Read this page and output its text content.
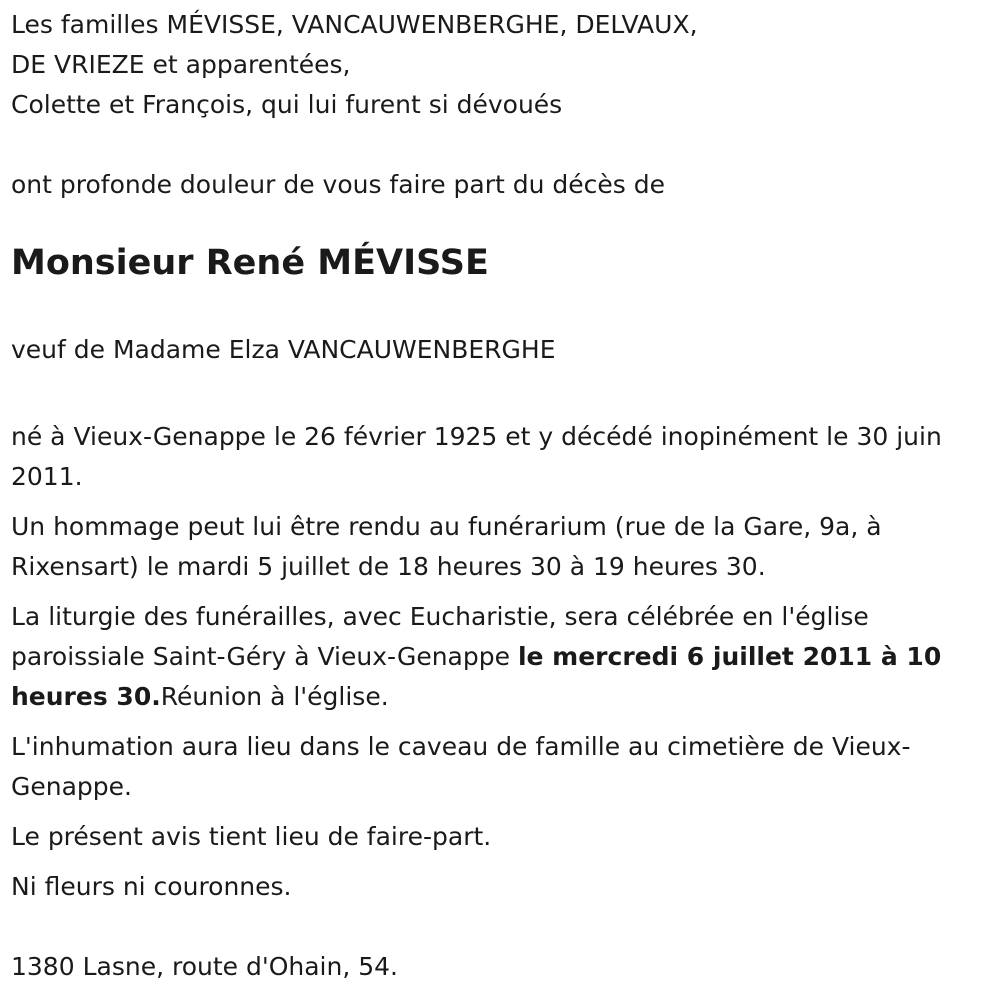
Les familles MÉVISSE, VANCAUWENBERGHE, DELVAUX,

DE VRIEZE et apparentées,

Colette et François, qui lui furent si dévoués

ont profonde douleur de vous faire part du décès de

Monsieur René MÉVISSE

veuf de Madame Elza VANCAUWENBERGHE

né à Vieux-Genappe le 26 février 1925 et y décédé inopinément le 30 juin 2011.

Un hommage peut lui être rendu au funérarium (rue de la Gare, 9a, à Rixensart) le mardi 5 juillet de 18 heures 30 à 19 heures 30.

La liturgie des funérailles, avec Eucharistie, sera célébrée en l'église paroissiale Saint-Géry à Vieux-Genappe le mercredi 6 juillet 2011 à 10 heures 30.Réunion à l'église.

L'inhumation aura lieu dans le caveau de famille au cimetière de Vieux-Genappe.

Le présent avis tient lieu de faire-part.

Ni fleurs ni couronnes.

1380 Lasne, route d'Ohain, 54.
